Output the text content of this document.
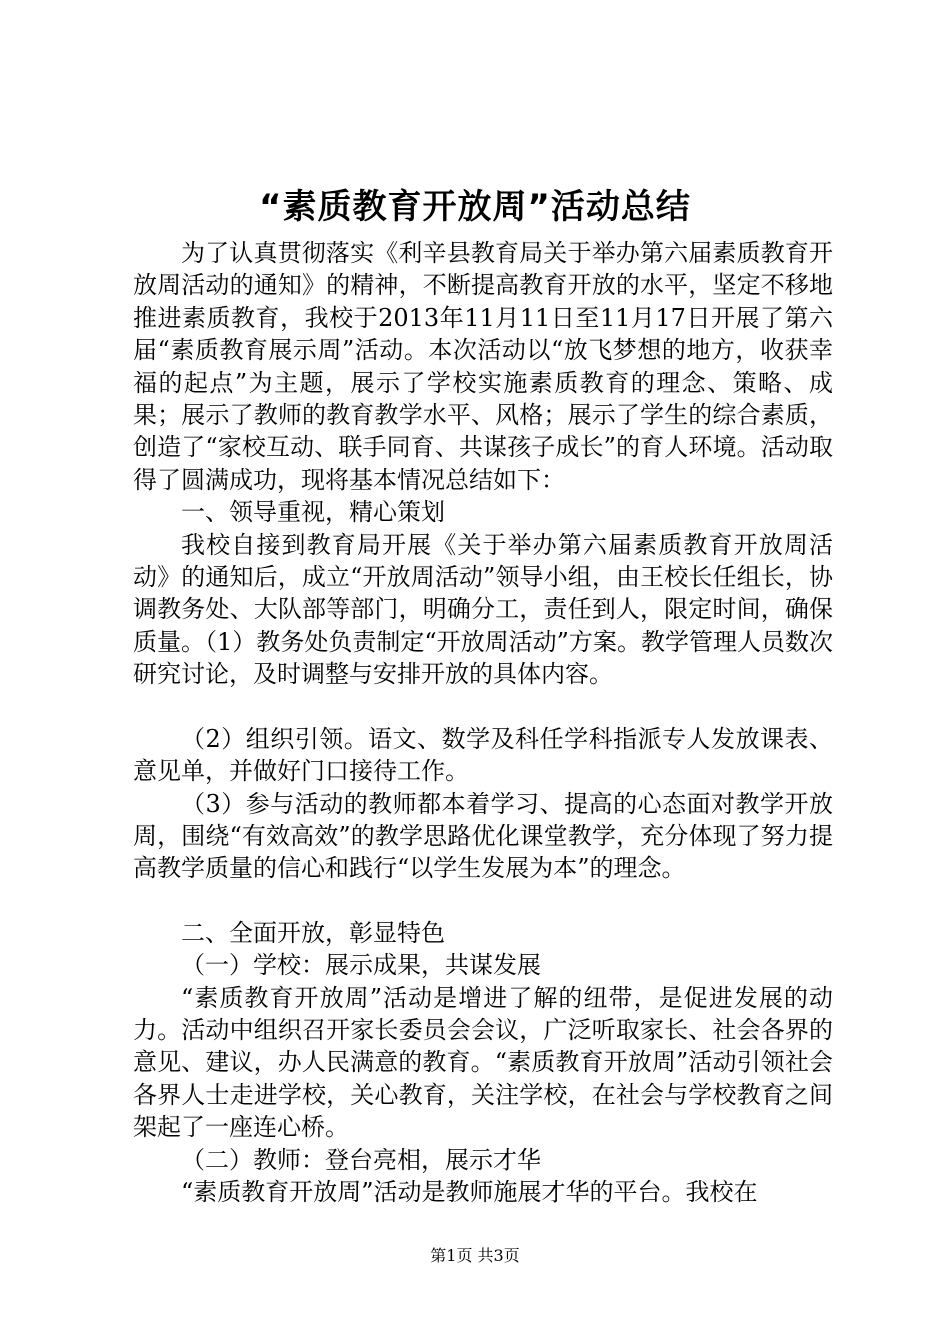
“素质教育开放周”活动总结

为了认真贯彻落实《利辛县教育局关于举办第六届素质教育开放周活动的通知》的精神，不断提高教育开放的水平，坚定不移地推进素质教育，我校于2013年11月11日至11月17日开展了第六届“素质教育展示周”活动。本次活动以“放飞梦想的地方，收获幸福的起点”为主题，展示了学校实施素质教育的理念、策略、成果；展示了教师的教育教学水平、风格；展示了学生的综合素质，创造了“家校互动、联手同育、共谋孩子成长”的育人环境。活动取得了圆满成功，现将基本情况总结如下：

一、领导重视，精心策划

我校自接到教育局开展《关于举办第六届素质教育开放周活动》的通知后，成立“开放周活动”领导小组，由王校长任组长，协调教务处、大队部等部门，明确分工，责任到人，限定时间，确保质量。（1）教务处负责制定“开放周活动”方案。教学管理人员数次研究讨论，及时调整与安排开放的具体内容。

（2）组织引领。语文、数学及科任学科指派专人发放课表、意见单，并做好门口接待工作。

（3）参与活动的教师都本着学习、提高的心态面对教学开放周，围绕“有效高效”的教学思路优化课堂教学，充分体现了努力提高教学质量的信心和践行“以学生发展为本”的理念。

二、全面开放，彰显特色

（一）学校：展示成果，共谋发展

“素质教育开放周”活动是增进了解的纽带，是促进发展的动力。活动中组织召开家长委员会会议，广泛听取家长、社会各界的意见、建议，办人民满意的教育。“素质教育开放周”活动引领社会各界人士走进学校，关心教育，关注学校，在社会与学校教育之间架起了一座连心桥。

（二）教师：登台亮相，展示才华

“素质教育开放周”活动是教师施展才华的平台。我校在

第1页 共3页
